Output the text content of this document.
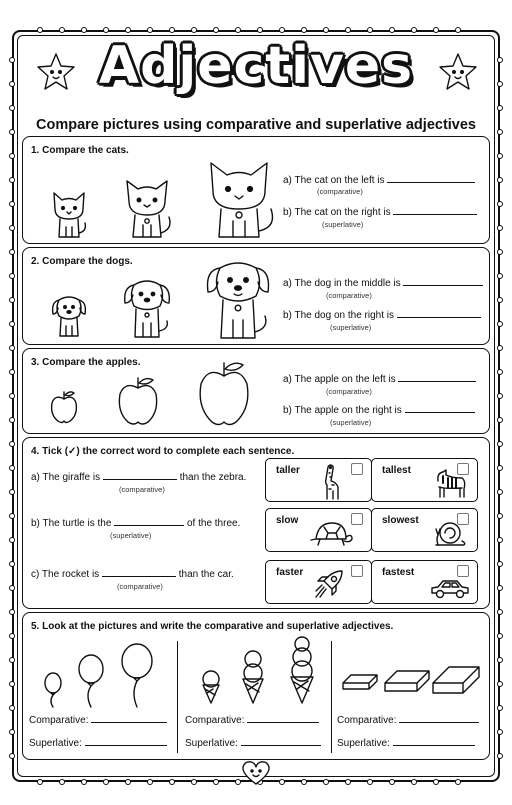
Adjectives
Compare pictures using comparative and superlative adjectives
1. Compare the cats.
a) The cat on the left is
(comparative)
b) The cat on the right is
(superlative)
2. Compare the dogs.
a) The dog in the middle is
(comparative)
b) The dog on the right is
(superlative)
3. Compare the apples.
a) The apple on the left is
(comparative)
b) The apple on the right is
(superlative)
4. Tick (✓) the correct word to complete each sentence.
a) The giraffe is	than the zebra.
(comparative)
b) The turtle is the	of the three.
(superlative)
c) The rocket is	than the car.
(comparative)
taller	tallest
slow	slowest
faster	fastest
5. Look at the pictures and write the comparative and superlative adjectives.
Comparative:
Superlative:
Comparative:
Superlative:
Comparative:
Superlative:
